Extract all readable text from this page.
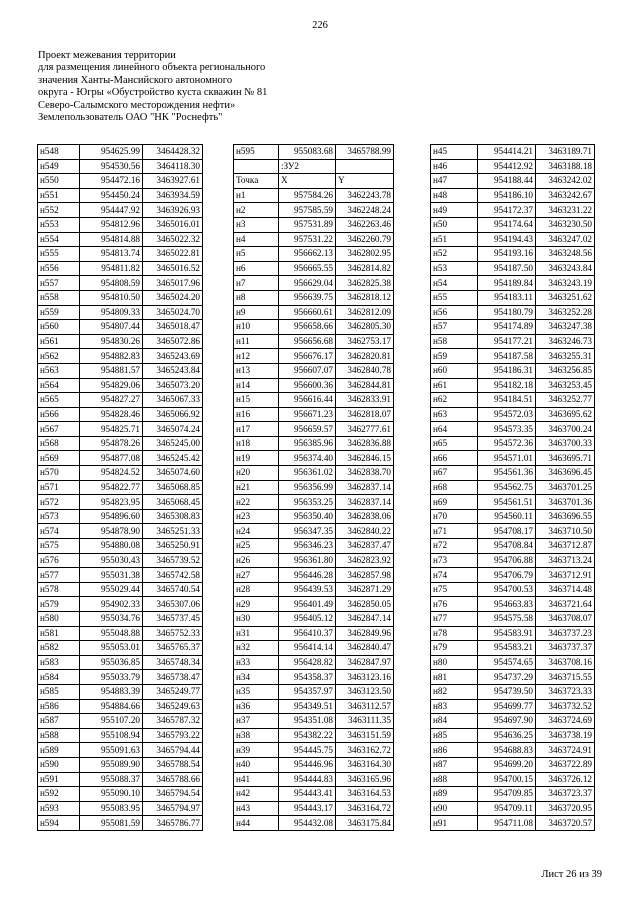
226
Проект межевания территории
для размещения линейного объекта регионального
значения Ханты-Мансийского автономного
округа - Югры «Обустройство куста скважин № 81
Северо-Салымского месторождения нефти»
Землепользователь ОАО "НК "Роснефть"
н548	954625.99	3464428.32
н549	954530.56	3464118.30
н550	954472.16	3463927.61
н551	954450.24	3463934.59
н552	954447.92	3463926.93
н553	954812.96	3465016.01
н554	954814.88	3465022.32
н555	954813.74	3465022.81
н556	954811.82	3465016.52
н557	954808.59	3465017.96
н558	954810.50	3465024.20
н559	954809.33	3465024.70
н560	954807.44	3465018.47
н561	954830.26	3465072.86
н562	954882.83	3465243.69
н563	954881.57	3465243.84
н564	954829.06	3465073.20
н565	954827.27	3465067.33
н566	954828.46	3465066.92
н567	954825.71	3465074.24
н568	954878.26	3465245.00
н569	954877.08	3465245.42
н570	954824.52	3465074.60
н571	954822.77	3465068.85
н572	954823.95	3465068.45
н573	954896.60	3465308.83
н574	954878.90	3465251.33
н575	954880.08	3465250.91
н576	955030.43	3465739.52
н577	955031.38	3465742.58
н578	955029.44	3465740.54
н579	954902.33	3465307.06
н580	955034.76	3465737.45
н581	955048.88	3465752.33
н582	955053.01	3465765.37
н583	955036.85	3465748.34
н584	955033.79	3465738.47
н585	954883.39	3465249.77
н586	954884.66	3465249.63
н587	955107.20	3465787.32
н588	955108.94	3465793.22
н589	955091.63	3465794.44
н590	955089.90	3465788.54
н591	955088.37	3465788.66
н592	955090.10	3465794.54
н593	955083.95	3465794.97
н594	955081.59	3465786.77
н595	955083.68	3465788.99
	:ЗУ2	
Точка	X	Y
н1	957584.26	3462243.78
н2	957585.59	3462248.24
н3	957531.89	3462263.46
н4	957531.22	3462260.79
н5	956662.13	3462802.95
н6	956665.55	3462814.82
н7	956629.04	3462825.38
н8	956639.75	3462818.12
н9	956660.61	3462812.09
н10	956658.66	3462805.30
н11	956656.68	3462753.17
н12	956676.17	3462820.81
н13	956607.07	3462840.78
н14	956600.36	3462844.81
н15	956616.44	3462833.91
н16	956671.23	3462818.07
н17	956659.57	3462777.61
н18	956385.96	3462836.88
н19	956374.40	3462846.15
н20	956361.02	3462838.70
н21	956356.99	3462837.14
н22	956353.25	3462837.14
н23	956350.40	3462838.06
н24	956347.35	3462840.22
н25	956346.23	3462837.47
н26	956361.80	3462823.92
н27	956446.28	3462857.98
н28	956439.53	3462871.29
н29	956401.49	3462850.05
н30	956405.12	3462847.14
н31	956410.37	3462849.96
н32	956414.14	3462840.47
н33	956428.82	3462847.97
н34	954358.37	3463123.16
н35	954357.97	3463123.50
н36	954349.51	3463112.57
н37	954351.08	3463111.35
н38	954382.22	3463151.59
н39	954445.75	3463162.72
н40	954446.96	3463164.30
н41	954444.83	3463165.96
н42	954443.41	3463164.53
н43	954443.17	3463164.72
н44	954432.08	3463175.84
н45	954414.21	3463189.71
н46	954412.92	3463188.18
н47	954188.44	3463242.02
н48	954186.10	3463242.67
н49	954172.37	3463231.22
н50	954174.64	3463230.50
н51	954194.43	3463247.02
н52	954193.16	3463248.56
н53	954187.50	3463243.84
н54	954189.84	3463243.19
н55	954183.11	3463251.62
н56	954180.79	3463252.28
н57	954174.89	3463247.38
н58	954177.21	3463246.73
н59	954187.58	3463255.31
н60	954186.31	3463256.85
н61	954182.18	3463253.45
н62	954184.51	3463252.77
н63	954572.03	3463695.62
н64	954573.35	3463700.24
н65	954572.36	3463700.33
н66	954571.01	3463695.71
н67	954561.36	3463696.45
н68	954562.75	3463701.25
н69	954561.51	3463701.36
н70	954560.11	3463696.55
н71	954708.17	3463710.50
н72	954708.84	3463712.87
н73	954706.88	3463713.24
н74	954706.79	3463712.91
н75	954700.53	3463714.48
н76	954663.83	3463721.64
н77	954575.58	3463708.07
н78	954583.91	3463737.23
н79	954583.21	3463737.37
н80	954574.65	3463708.16
н81	954737.29	3463715.55
н82	954739.50	3463723.33
н83	954699.77	3463732.52
н84	954697.90	3463724.69
н85	954636.25	3463738.19
н86	954688.83	3463724.91
н87	954699.20	3463722.89
н88	954700.15	3463726.12
н89	954709.85	3463723.37
н90	954709.11	3463720.95
н91	954711.08	3463720.57
Лист 26 из 39
